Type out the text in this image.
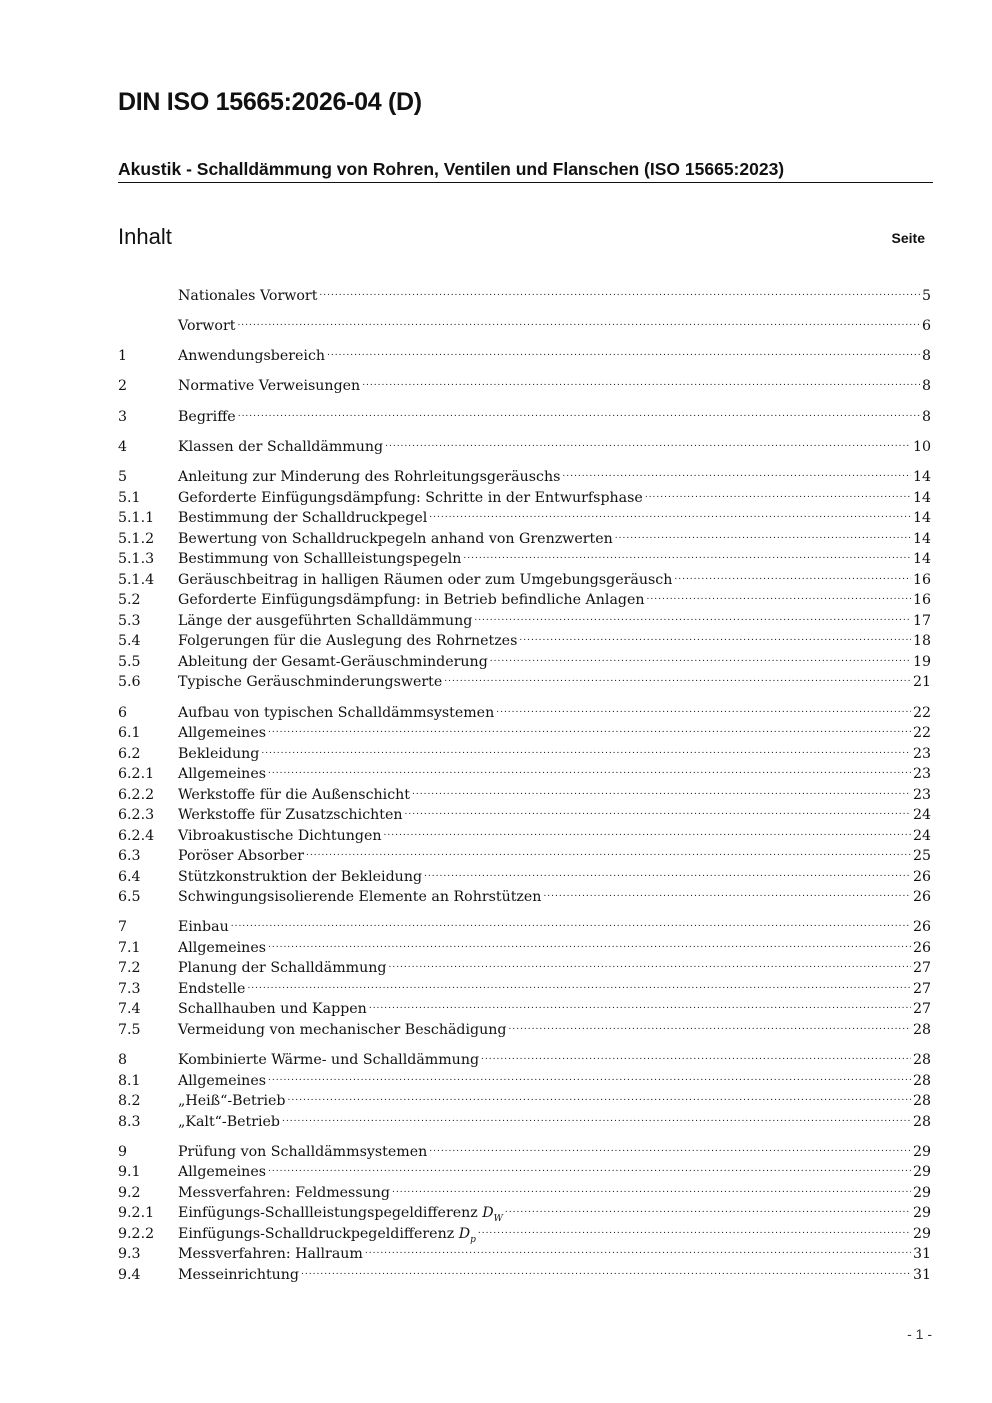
DIN ISO 15665:2026-04 (D)
Akustik - Schalldämmung von Rohren, Ventilen und Flanschen (ISO 15665:2023)
Inhalt	Seite
Nationales Vorwort .....	5
Vorwort .....	6
1	Anwendungsbereich .....	8
2	Normative Verweisungen .....	8
3	Begriffe .....	8
4	Klassen der Schalldämmung .....	10
5	Anleitung zur Minderung des Rohrleitungsgeräuschs .....	14
5.1	Geforderte Einfügungsdämpfung: Schritte in der Entwurfsphase .....	14
5.1.1	Bestimmung der Schalldruckpegel .....	14
5.1.2	Bewertung von Schalldruckpegeln anhand von Grenzwerten .....	14
5.1.3	Bestimmung von Schallleistungspegeln .....	14
5.1.4	Geräuschbeitrag in halligen Räumen oder zum Umgebungsgeräusch .....	16
5.2	Geforderte Einfügungsdämpfung: in Betrieb befindliche Anlagen .....	16
5.3	Länge der ausgeführten Schalldämmung .....	17
5.4	Folgerungen für die Auslegung des Rohrnetzes .....	18
5.5	Ableitung der Gesamt-Geräuschminderung .....	19
5.6	Typische Geräuschminderungswerte .....	21
6	Aufbau von typischen Schalldämmsystemen .....	22
6.1	Allgemeines .....	22
6.2	Bekleidung .....	23
6.2.1	Allgemeines .....	23
6.2.2	Werkstoffe für die Außenschicht .....	23
6.2.3	Werkstoffe für Zusatzschichten .....	24
6.2.4	Vibroakustische Dichtungen .....	24
6.3	Poröser Absorber .....	25
6.4	Stützkonstruktion der Bekleidung .....	26
6.5	Schwingungsisolierende Elemente an Rohrstützen .....	26
7	Einbau .....	26
7.1	Allgemeines .....	26
7.2	Planung der Schalldämmung .....	27
7.3	Endstelle .....	27
7.4	Schallhauben und Kappen .....	27
7.5	Vermeidung von mechanischer Beschädigung .....	28
8	Kombinierte Wärme- und Schalldämmung .....	28
8.1	Allgemeines .....	28
8.2	„Heiß“-Betrieb .....	28
8.3	„Kalt“-Betrieb .....	28
9	Prüfung von Schalldämmsystemen .....	29
9.1	Allgemeines .....	29
9.2	Messverfahren: Feldmessung .....	29
9.2.1	Einfügungs-Schallleistungspegeldifferenz $D_W$ .....	29
9.2.2	Einfügungs-Schalldruckpegeldifferenz $D_p$ .....	29
9.3	Messverfahren: Hallraum .....	31
9.4	Messeinrichtung .....	31
- 1 -
